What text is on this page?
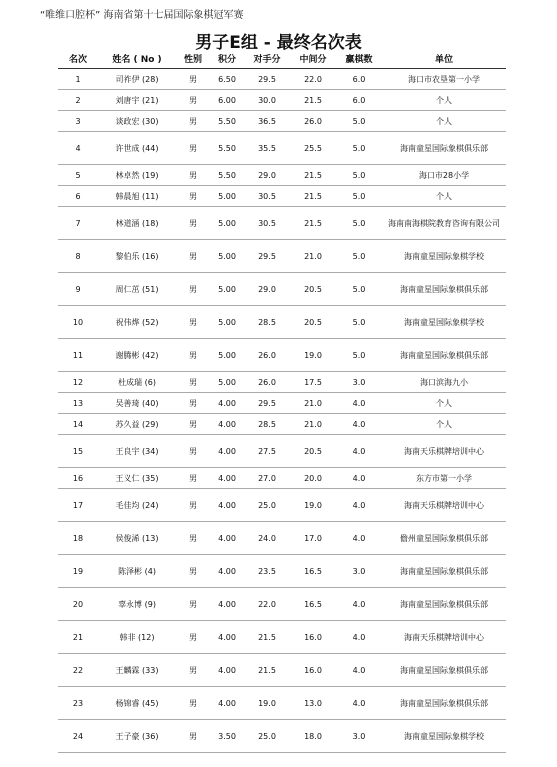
“唯维口腔杯” 海南省第十七届国际象棋冠军赛
男子E组 - 最终名次表
名次	姓名 ( No )	性别	积分	对手分	中间分	赢棋数	单位
1	司祚伊 (28)	男	6.50	29.5	22.0	6.0	海口市农垦第一小学
2	刘唐宇 (21)	男	6.00	30.0	21.5	6.0	个人
3	谈政宏 (30)	男	5.50	36.5	26.0	5.0	个人
4	许世成 (44)	男	5.50	35.5	25.5	5.0	海南童星国际象棋俱乐部
5	林卓然 (19)	男	5.50	29.0	21.5	5.0	海口市28小学
6	韩晨旭 (11)	男	5.00	30.5	21.5	5.0	个人
7	林道涵 (18)	男	5.00	30.5	21.5	5.0	海南南海棋院教育咨询有限公司
8	黎伯乐 (16)	男	5.00	29.5	21.0	5.0	海南童星国际象棋学校
9	周仁茁 (51)	男	5.00	29.0	20.5	5.0	海南童星国际象棋俱乐部
10	祝伟烨 (52)	男	5.00	28.5	20.5	5.0	海南童星国际象棋学校
11	谢腾彬 (42)	男	5.00	26.0	19.0	5.0	海南童星国际象棋俱乐部
12	杜成瑞 (6)	男	5.00	26.0	17.5	3.0	海口滨海九小
13	吴善琦 (40)	男	4.00	29.5	21.0	4.0	个人
14	苏久益 (29)	男	4.00	28.5	21.0	4.0	个人
15	王良宇 (34)	男	4.00	27.5	20.5	4.0	海南天乐棋牌培训中心
16	王义仁 (35)	男	4.00	27.0	20.0	4.0	东方市第一小学
17	毛佳均 (24)	男	4.00	25.0	19.0	4.0	海南天乐棋牌培训中心
18	侯俊浠 (13)	男	4.00	24.0	17.0	4.0	儋州童星国际象棋俱乐部
19	陈泽彬 (4)	男	4.00	23.5	16.5	3.0	海南童星国际象棋俱乐部
20	辜永博 (9)	男	4.00	22.0	16.5	4.0	海南童星国际象棋俱乐部
21	韩非 (12)	男	4.00	21.5	16.0	4.0	海南天乐棋牌培训中心
22	王麟霖 (33)	男	4.00	21.5	16.0	4.0	海南童星国际象棋俱乐部
23	杨锦睿 (45)	男	4.00	19.0	13.0	4.0	海南童星国际象棋俱乐部
24	王子豪 (36)	男	3.50	25.0	18.0	3.0	海南童星国际象棋学校
